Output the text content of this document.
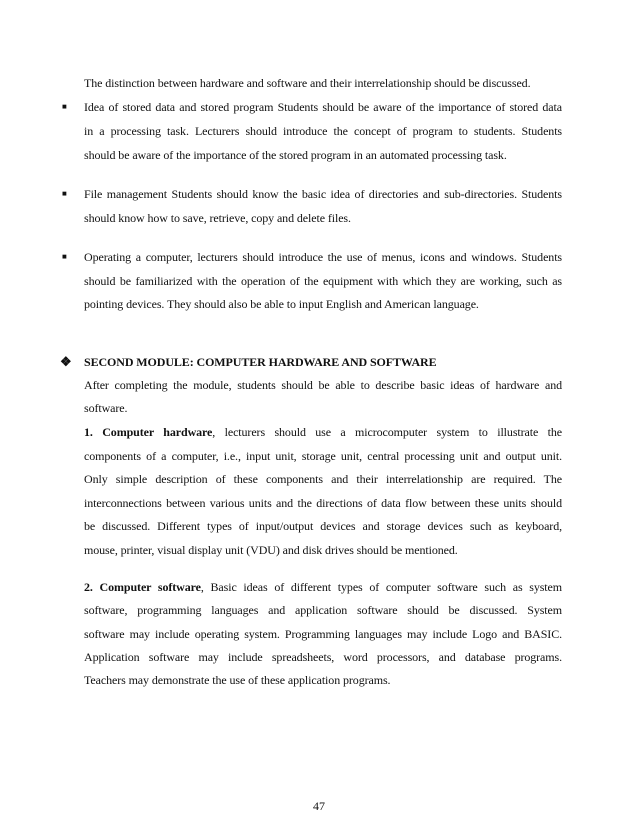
The distinction between hardware and software and their interrelationship should be discussed.
■ Idea of stored data and stored program Students should be aware of the importance of stored data
in a processing task. Lecturers should introduce the concept of program to students. Students
should be aware of the importance of the stored program in an automated processing task.
■ File management Students should know the basic idea of directories and sub-directories. Students
should know how to save, retrieve, copy and delete files.
■ Operating a computer, lecturers should introduce the use of menus, icons and windows. Students
should be familiarized with the operation of the equipment with which they are working, such as
pointing devices. They should also be able to input English and American language.
❖ SECOND MODULE: COMPUTER HARDWARE AND SOFTWARE
After completing the module, students should be able to describe basic ideas of hardware and
software.
1. Computer hardware, lecturers should use a microcomputer system to illustrate the
components of a computer, i.e., input unit, storage unit, central processing unit and output unit.
Only simple description of these components and their interrelationship are required. The
interconnections between various units and the directions of data flow between these units should
be discussed. Different types of input/output devices and storage devices such as keyboard,
mouse, printer, visual display unit (VDU) and disk drives should be mentioned.
2. Computer software, Basic ideas of different types of computer software such as system
software, programming languages and application software should be discussed. System
software may include operating system. Programming languages may include Logo and BASIC.
Application software may include spreadsheets, word processors, and database programs.
Teachers may demonstrate the use of these application programs.
47
